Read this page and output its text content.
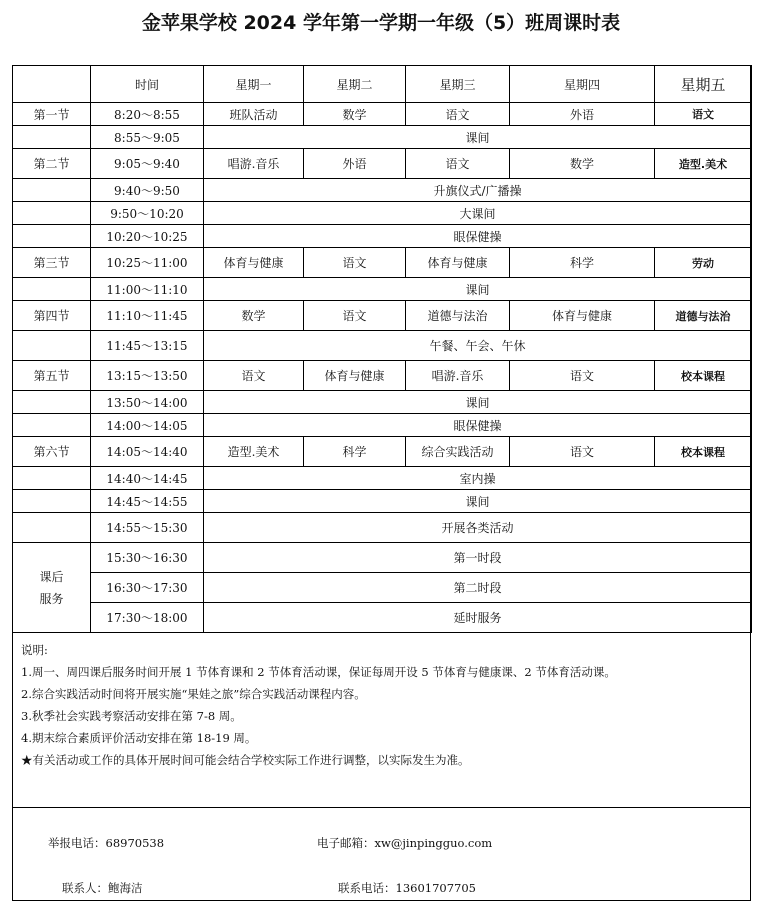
金苹果学校 2024 学年第一学期一年级（5）班周课时表
	时间	星期一	星期二	星期三	星期四	星期五
第一节	8:20～8:55	班队活动	数学	语文	外语	语文
	8:55～9:05	课间				
第二节	9:05～9:40	唱游.音乐	外语	语文	数学	造型.美术
	9:40～9:50	升旗仪式/广播操				
	9:50～10:20	大课间				
	10:20～10:25	眼保健操				
第三节	10:25～11:00	体育与健康	语文	体育与健康	科学	劳动
	11:00～11:10	课间				
第四节	11:10～11:45	数学	语文	道德与法治	体育与健康	道德与法治
	11:45～13:15	午餐、午会、午休				
第五节	13:15～13:50	语文	体育与健康	唱游.音乐	语文	校本课程
	13:50～14:00	课间				
	14:00～14:05	眼保健操				
第六节	14:05～14:40	造型.美术	科学	综合实践活动	语文	校本课程
	14:40～14:45	室内操				
	14:45～14:55	课间				
	14:55～15:30	开展各类活动				

课后
服务	15:30～16:30	第一时段				
	16:30～17:30	第二时段				
	17:30～18:00	延时服务				
说明:
1.周一、周四课后服务时间开展 1 节体育课和 2 节体育活动课，保证每周开设 5 节体育与健康课、2 节体育活动课。
2.综合实践活动时间将开展实施“果娃之旅”综合实践活动课程内容。
3.秋季社会实践考察活动安排在第 7-8 周。
4.期末综合素质评价活动安排在第 18-19 周。
★有关活动或工作的具体开展时间可能会结合学校实际工作进行调整，以实际发生为准。
举报电话：68970538	电子邮箱：xw@jinpingguo.com
联系人：鲍海洁	联系电话：13601707705
